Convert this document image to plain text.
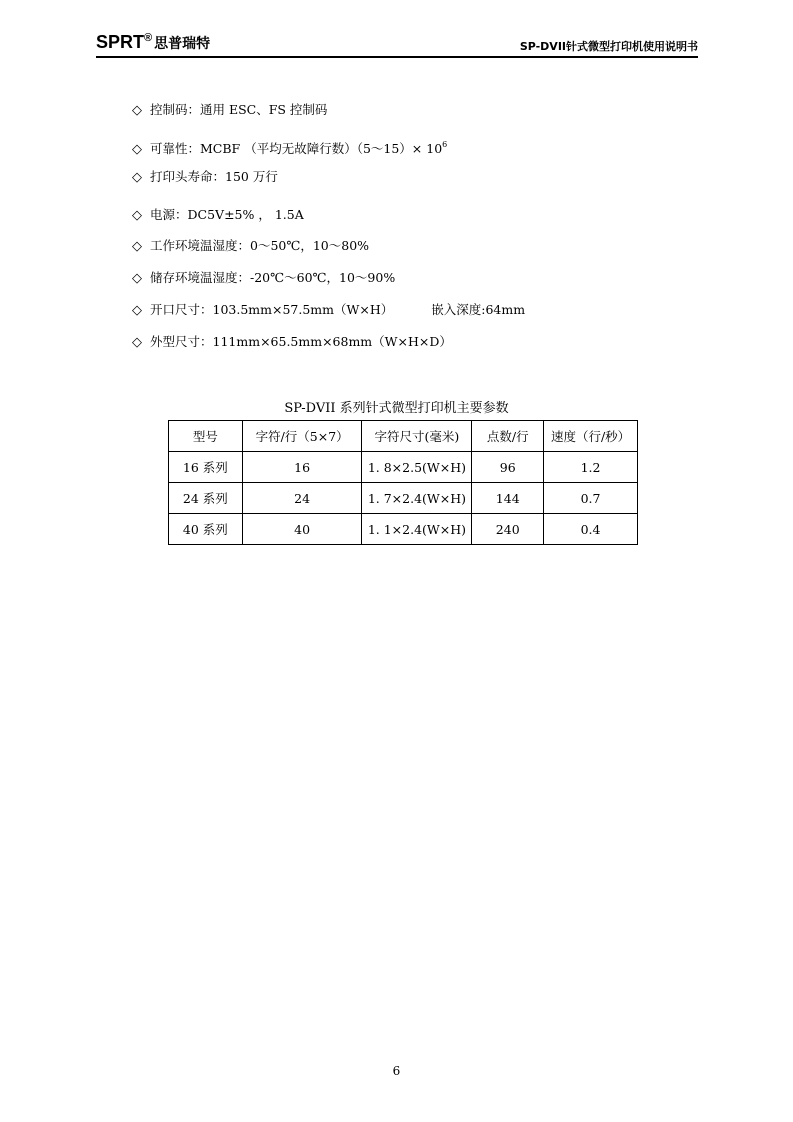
SPRT® 思普瑞特	SP-DVII针式微型打印机使用说明书
◇ 控制码：通用 ESC、FS 控制码
◇ 可靠性：MCBF （平均无故障行数）（5～15）× $10^6$
◇ 打印头寿命：150 万行
◇ 电源：DC5V±5% ， 1.5A
◇ 工作环境温湿度：0～50℃，10～80%
◇ 储存环境温湿度：-20℃～60℃，10～90%
◇ 开口尺寸：103.5mm×57.5mm（W×H）	嵌入深度:64mm
◇ 外型尺寸：111mm×65.5mm×68mm（W×H×D）
SP-DVII 系列针式微型打印机主要参数
型号	字符/行（5×7）	字符尺寸(毫米)	点数/行	速度（行/秒）
16 系列	16	1. 8×2.5(W×H)	96	1.2
24 系列	24	1. 7×2.4(W×H)	144	0.7
40 系列	40	1. 1×2.4(W×H)	240	0.4
6
